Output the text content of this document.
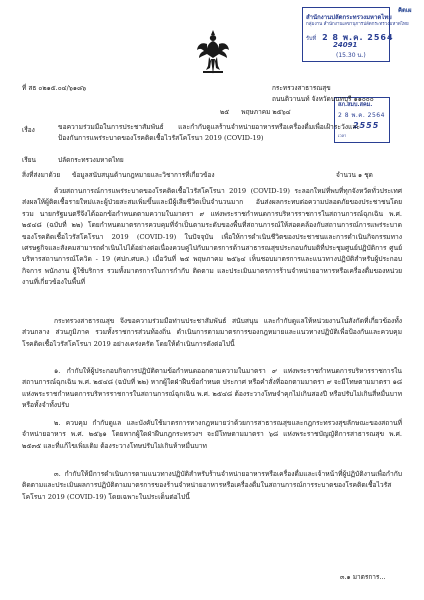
คิดเผ
สำนักงานปลัดกระทรวงมหาดไทย
กลุ่มงาน สำนักงานเลขานุการปลัดกระทรวงมหาดไทย
รับที่ 2 8 พ.ค. 2564
24091
(15.30 น.)
สภ.สมบ.สคม.
2 8 พ.ค. 2564
2555
เวลา
ที่ สธ ๐๒๑๕.๐๔/๖๑๘๖	กระทรวงสาธารณสุข
ถนนติวานนท์ จังหวัดนนทบุรี ๑๑๐๐๐
๒๕ พฤษภาคม ๒๕๖๔
เรื่อง	ขอความร่วมมือในการประชาสัมพันธ์ และกำกับดูแลร้านจำหน่ายอาหารหรือเครื่องดื่มเพื่อเฝ้าระวังและป้องกันการแพร่ระบาดของโรคติดเชื้อไวรัสโคโรนา 2019 (COVID-19)
เรียน	ปลัดกระทรวงมหาดไทย
สิ่งที่ส่งมาด้วย ข้อมูลสนับสนุนด้านกฎหมายและวิชาการที่เกี่ยวข้อง	จำนวน ๑ ชุด
ด้วยสถานการณ์การแพร่ระบาดของโรคติดเชื้อไวรัสโคโรนา 2019 (COVID-19) ระลอกใหม่ที่พบที่ทุกจังหวัดทั่วประเทศ ส่งผลให้ผู้ติดเชื้อรายใหม่และผู้ป่วยสะสมเพิ่มขึ้นและมีผู้เสียชีวิตเป็นจำนวนมาก อันส่งผลกระทบต่อความปลอดภัยของประชาชนโดยรวม นายกรัฐมนตรีจึงได้ออกข้อกำหนดตามความในมาตรา ๙ แห่งพระราชกำหนดการบริหารราชการในสถานการณ์ฉุกเฉิน พ.ศ. ๒๕๔๘ (ฉบับที่ ๒๒) โดยกำหนดมาตรการควบคุมที่จำเป็นตามระดับของพื้นที่สถานการณ์ให้สอดคล้องกับสถานการณ์การแพร่ระบาดของโรคติดเชื้อไวรัสโคโรนา 2019 (COVID-19) ในปัจจุบัน เพื่อให้การดำเนินชีวิตของประชาชนและการดำเนินกิจกรรมทางเศรษฐกิจและสังคมสามารถดำเนินไปได้อย่างต่อเนื่องควบคู่ไปกับมาตรการด้านสาธารณสุขประกอบกับมติที่ประชุมศูนย์ปฏิบัติการ ศูนย์บริหารสถานการณ์โควิด - 19 (ศปก.ศบค.) เมื่อวันที่ ๒๕ พฤษภาคม ๒๕๖๔ เห็นชอบมาตรการและแนวทางปฏิบัติสำหรับผู้ประกอบกิจการ พนักงาน ผู้ใช้บริการ รวมทั้งมาตรการในการกำกับ ติดตาม และประเมินมาตรการร้านจำหน่ายอาหารหรือเครื่องดื่มของหน่วยงานที่เกี่ยวข้องในพื้นที่
กระทรวงสาธารณสุข จึงขอความร่วมมือท่านประชาสัมพันธ์ สนับสนุน และกำกับดูแลให้หน่วยงานในสังกัดที่เกี่ยวข้องทั้งส่วนกลาง ส่วนภูมิภาค รวมทั้งราชการส่วนท้องถิ่น ดำเนินการตามมาตรการของกฎหมายและแนวทางปฏิบัติเพื่อป้องกันและควบคุมโรคติดเชื้อไวรัสโคโรนา 2019 อย่างเคร่งครัด โดยให้ดำเนินการดังต่อไปนี้
๑. กำกับให้ผู้ประกอบกิจการปฏิบัติตามข้อกำหนดออกตามความในมาตรา ๙ แห่งพระราชกำหนดการบริหารราชการในสถานการณ์ฉุกเฉิน พ.ศ. ๒๕๔๘ (ฉบับที่ ๒๒) หากผู้ใดฝ่าฝืนข้อกำหนด ประกาศ หรือคำสั่งที่ออกตามมาตรา ๙ จะมีโทษตามมาตรา ๑๘ แห่งพระราชกำหนดการบริหารราชการในสถานการณ์ฉุกเฉิน พ.ศ. ๒๕๔๘ ต้องระวางโทษจำคุกไม่เกินสองปี หรือปรับไม่เกินสี่หมื่นบาท หรือทั้งจำทั้งปรับ
๒. ควบคุม กำกับดูแล และบังคับใช้มาตรการทางกฎหมายว่าด้วยการสาธารณสุขและกฎกระทรวงสุขลักษณะของสถานที่จำหน่ายอาหาร พ.ศ. ๒๕๖๑ โดยหากผู้ใดฝ่าฝืนกฎกระทรวงฯ จะมีโทษตามมาตรา ๖๘ แห่งพระราชบัญญัติการสาธารณสุข พ.ศ. ๒๕๓๕ และที่แก้ไขเพิ่มเติม ต้องระวางโทษปรับไม่เกินห้าหมื่นบาท
๓. กำกับให้มีการดำเนินการตามแนวทางปฏิบัติสำหรับร้านจำหน่ายอาหารหรือเครื่องดื่มและเจ้าหน้าที่ผู้ปฏิบัติงานเพื่อกำกับ ติดตามและประเมินผลการปฏิบัติตามมาตรการของร้านจำหน่ายอาหารหรือเครื่องดื่มในสถานการณ์การระบาดของโรคติดเชื้อไวรัสโคโรนา 2019 (COVID-19) โดยเฉพาะในประเด็นต่อไปนี้
๓.๑ มาตรการ...
